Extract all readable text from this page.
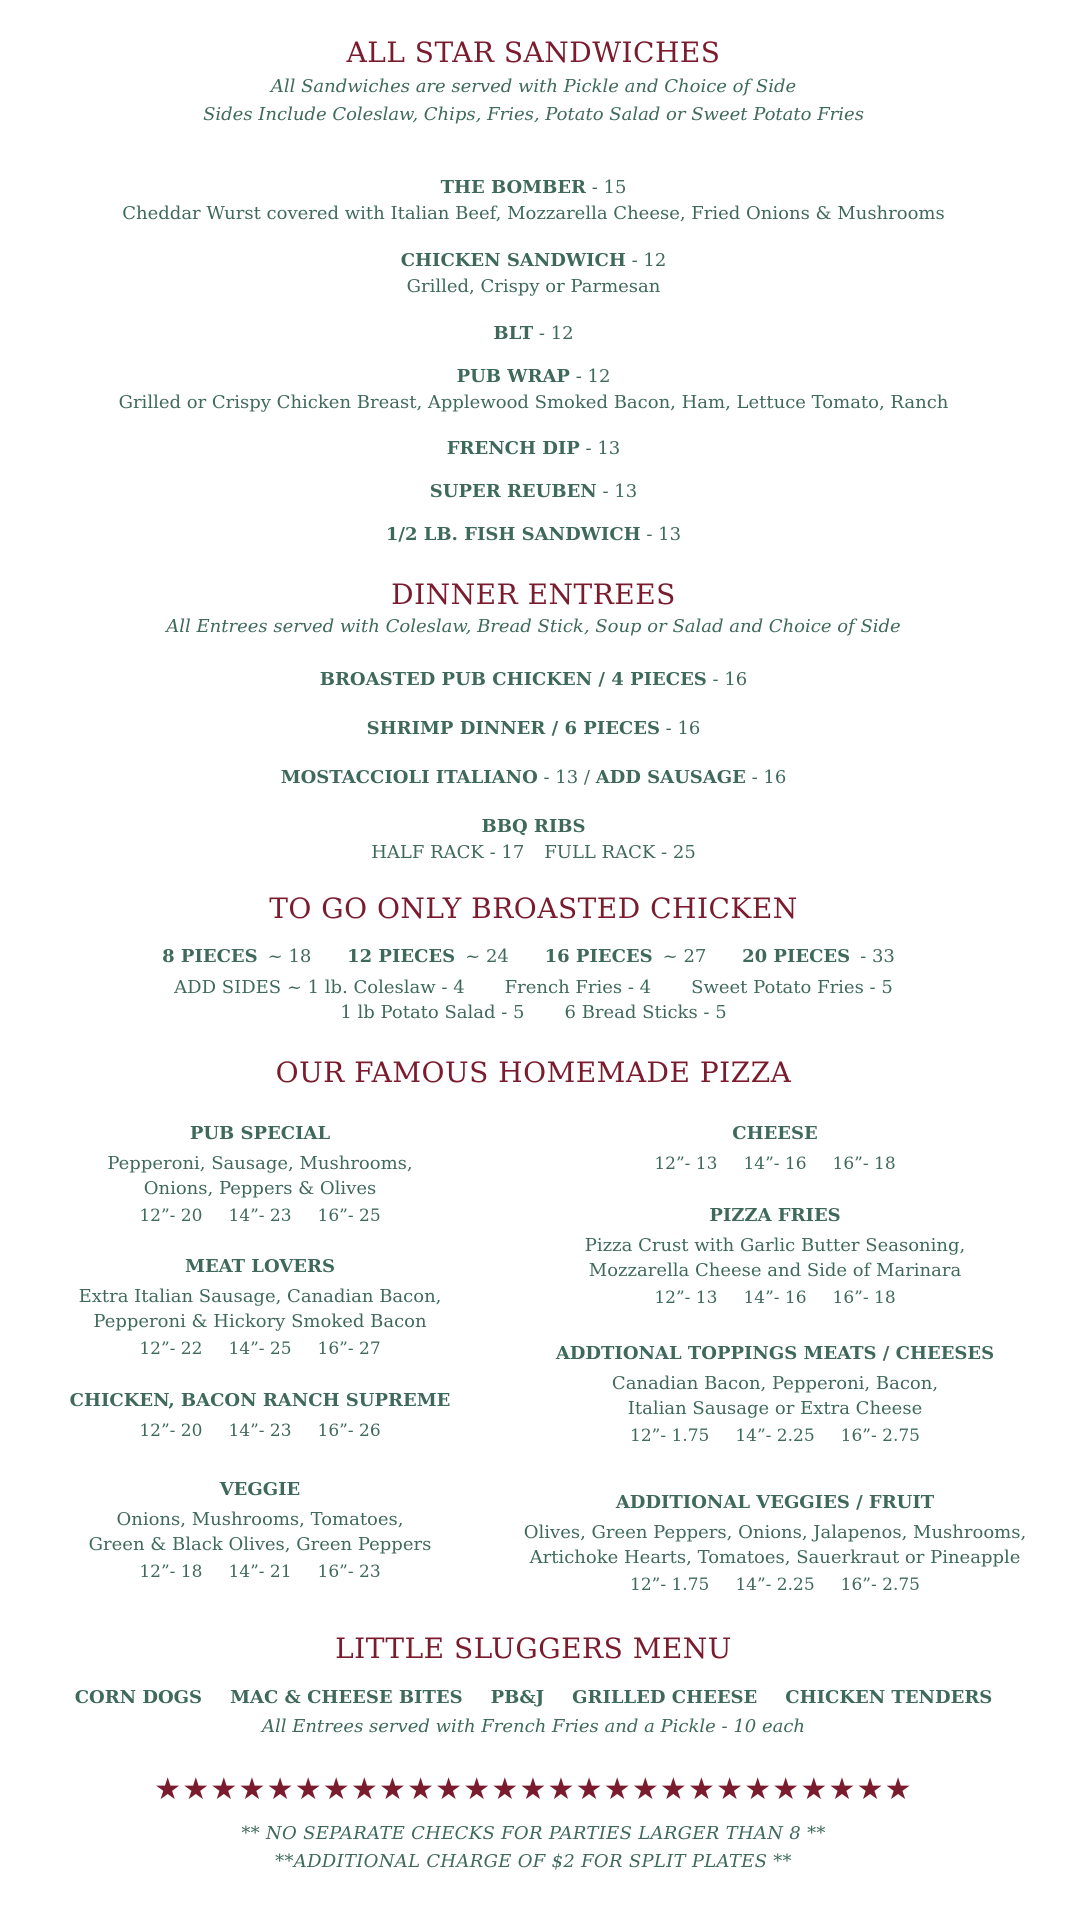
ALL STAR SANDWICHES
All Sandwiches are served with Pickle and Choice of Side
Sides Include Coleslaw, Chips, Fries, Potato Salad or Sweet Potato Fries
THE BOMBER - 15
Cheddar Wurst covered with Italian Beef, Mozzarella Cheese, Fried Onions & Mushrooms
CHICKEN SANDWICH - 12
Grilled, Crispy or Parmesan
BLT - 12
PUB WRAP - 12
Grilled or Crispy Chicken Breast, Applewood Smoked Bacon, Ham, Lettuce Tomato, Ranch
FRENCH DIP - 13
SUPER REUBEN - 13
1/2 LB. FISH SANDWICH - 13
DINNER ENTREES
All Entrees served with Coleslaw, Bread Stick, Soup or Salad and Choice of Side
BROASTED PUB CHICKEN / 4 PIECES - 16
SHRIMP DINNER / 6 PIECES - 16
MOSTACCIOLI ITALIANO - 13 / ADD SAUSAGE - 16
BBQ RIBS
HALF RACK - 17 FULL RACK - 25
TO GO ONLY BROASTED CHICKEN
8 PIECES~ 18 12 PIECES~ 24 16 PIECES~ 27 20 PIECES- 33
ADD SIDES ~ 1 lb. Coleslaw - 4 French Fries - 4 Sweet Potato Fries - 5
1 lb Potato Salad - 5 6 Bread Sticks - 5
OUR FAMOUS HOMEMADE PIZZA
PUB SPECIAL
Pepperoni, Sausage, Mushrooms,
Onions, Peppers & Olives
12”- 20 14”- 23 16”- 25
MEAT LOVERS
Extra Italian Sausage, Canadian Bacon,
Pepperoni & Hickory Smoked Bacon
12”- 22 14”- 25 16”- 27
CHICKEN, BACON RANCH SUPREME
12”- 20 14”- 23 16”- 26
VEGGIE
Onions, Mushrooms, Tomatoes,
Green & Black Olives, Green Peppers
12”- 18 14”- 21 16”- 23
CHEESE
12”- 13 14”- 16 16”- 18
PIZZA FRIES
Pizza Crust with Garlic Butter Seasoning,
Mozzarella Cheese and Side of Marinara
12”- 13 14”- 16 16”- 18
ADDTIONAL TOPPINGS MEATS / CHEESES
Canadian Bacon, Pepperoni, Bacon,
Italian Sausage or Extra Cheese
12”- 1.75 14”- 2.25 16”- 2.75
ADDITIONAL VEGGIES / FRUIT
Olives, Green Peppers, Onions, Jalapenos, Mushrooms,
Artichoke Hearts, Tomatoes, Sauerkraut or Pineapple
12”- 1.75 14”- 2.25 16”- 2.75
LITTLE SLUGGERS MENU
CORN DOGS MAC & CHEESE BITES PB&J GRILLED CHEESE CHICKEN TENDERS
All Entrees served with French Fries and a Pickle - 10 each
★★★★★★★★★★★★★★★★★★★★★★★★★★★
** NO SEPARATE CHECKS FOR PARTIES LARGER THAN 8 **
**ADDITIONAL CHARGE OF $2 FOR SPLIT PLATES **
